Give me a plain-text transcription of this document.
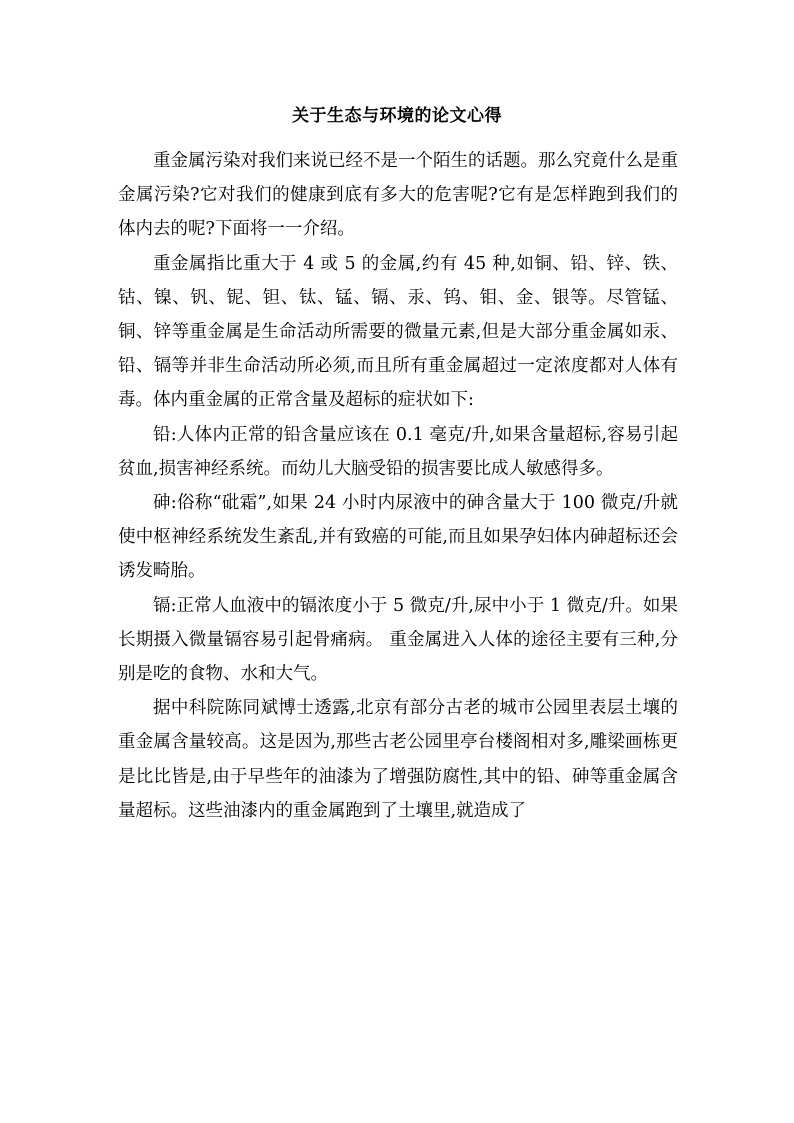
关于生态与环境的论文心得

重金属污染对我们来说已经不是一个陌生的话题。那么究竟什么是重金属污染?它对我们的健康到底有多大的危害呢?它有是怎样跑到我们的体内去的呢?下面将一一介绍。

重金属指比重大于 4 或 5 的金属,约有 45 种,如铜、铅、锌、铁、钴、镍、钒、铌、钽、钛、锰、镉、汞、钨、钼、金、银等。尽管锰、铜、锌等重金属是生命活动所需要的微量元素,但是大部分重金属如汞、铅、镉等并非生命活动所必须,而且所有重金属超过一定浓度都对人体有毒。体内重金属的正常含量及超标的症状如下:

铅:人体内正常的铅含量应该在 0.1 毫克/升,如果含量超标,容易引起贫血,损害神经系统。而幼儿大脑受铅的损害要比成人敏感得多。

砷:俗称“砒霜”,如果 24 小时内尿液中的砷含量大于 100 微克/升就使中枢神经系统发生紊乱,并有致癌的可能,而且如果孕妇体内砷超标还会诱发畸胎。

镉:正常人血液中的镉浓度小于 5 微克/升,尿中小于 1 微克/升。如果长期摄入微量镉容易引起骨痛病。 重金属进入人体的途径主要有三种,分别是吃的食物、水和大气。

据中科院陈同斌博士透露,北京有部分古老的城市公园里表层土壤的重金属含量较高。这是因为,那些古老公园里亭台楼阁相对多,雕梁画栋更是比比皆是,由于早些年的油漆为了增强防腐性,其中的铅、砷等重金属含量超标。这些油漆内的重金属跑到了土壤里,就造成了
